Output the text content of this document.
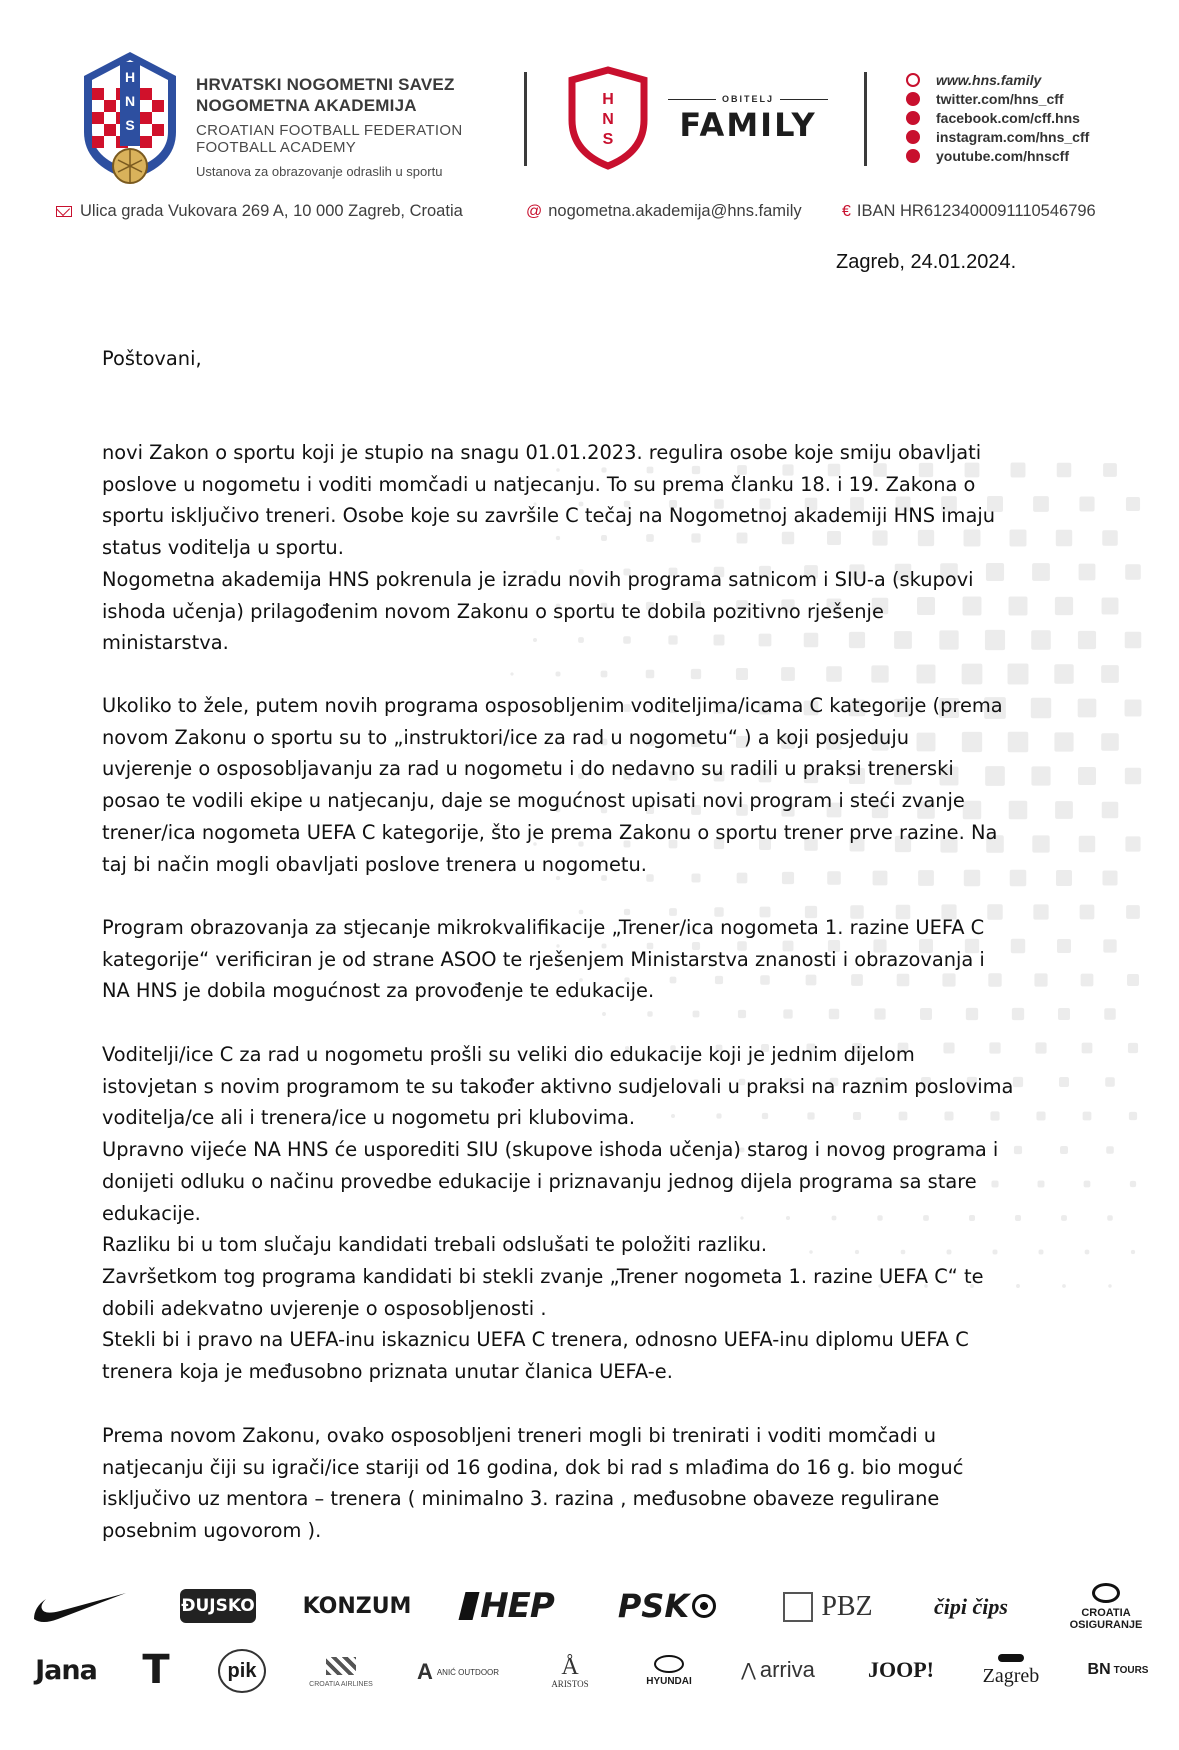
H
N
S
HRVATSKI NOGOMETNI SAVEZ
NOGOMETNA AKADEMIJA
CROATIAN FOOTBALL FEDERATION
FOOTBALL ACADEMY
Ustanova za obrazovanje odraslih u sportu
H
N
S
OBITELJ
FAMILY
www.hns.family
twitter.com/hns_cff
facebook.com/cff.hns
instagram.com/hns_cff
youtube.com/hnscff
Ulica grada Vukovara 269 A, 10 000 Zagreb, Croatia	@ nogometna.akademija@hns.family	€ IBAN HR6123400091110546796
Zagreb, 24.01.2024.

Poštovani,

novi Zakon o sportu koji je stupio na snagu 01.01.2023. regulira osobe koje smiju obavljati
poslove u nogometu i voditi momčadi u natjecanju. To su prema članku 18. i 19. Zakona o
sportu isključivo treneri. Osobe koje su završile C tečaj na Nogometnoj akademiji HNS imaju
status voditelja u sportu.
Nogometna akademija HNS pokrenula je izradu novih programa satnicom i SIU-a (skupovi
ishoda učenja) prilagođenim novom Zakonu o sportu te dobila pozitivno rješenje
ministarstva.

Ukoliko to žele, putem novih programa osposobljenim voditeljima/icama C kategorije (prema
novom Zakonu o sportu su to „instruktori/ice za rad u nogometu“ ) a koji posjeduju
uvjerenje o osposobljavanju za rad u nogometu i do nedavno su radili u praksi trenerski
posao te vodili ekipe u natjecanju, daje se mogućnost upisati novi program i steći zvanje
trener/ica nogometa UEFA C kategorije, što je prema Zakonu o sportu trener prve razine. Na
taj bi način mogli obavljati poslove trenera u nogometu.

Program obrazovanja za stjecanje mikrokvalifikacije „Trener/ica nogometa 1. razine UEFA C
kategorije“ verificiran je od strane ASOO te rješenjem Ministarstva znanosti i obrazovanja i
NA HNS je dobila mogućnost za provođenje te edukacije.

Voditelji/ice C za rad u nogometu prošli su veliki dio edukacije koji je jednim dijelom
istovjetan s novim programom te su također aktivno sudjelovali u praksi na raznim poslovima
voditelja/ce ali i trenera/ice u nogometu pri klubovima.
Upravno vijeće NA HNS će usporediti SIU (skupove ishoda učenja) starog i novog programa i
donijeti odluku o načinu provedbe edukacije i priznavanju jednog dijela programa sa stare
edukacije.
Razliku bi u tom slučaju kandidati trebali odslušati te položiti razliku.
Završetkom tog programa kandidati bi stekli zvanje „Trener nogometa 1. razine UEFA C“ te
dobili adekvatno uvjerenje o osposobljenosti .
Stekli bi i pravo na UEFA-inu iskaznicu UEFA C trenera, odnosno UEFA-inu diplomu UEFA C
trenera koja je međusobno priznata unutar članica UEFA-e.

Prema novom Zakonu, ovako osposobljeni treneri mogli bi trenirati i voditi momčadi u
natjecanju čiji su igrači/ice stariji od 16 godina, dok bi rad s mlađima do 16 g. bio moguć
isključivo uz mentora – trenera ( minimalno 3. razina , međusobne obaveze regulirane
posebnim ugovorom ).

ĐUJSKO KONZUM HEP PSK	PBZ	čipi čips	CROATIA OSIGURANJE
Jana T	pik
CROATIA AIRLINES A ANIĆ OUTDOOR	Å
ARISTOS	HYUNDAI
⋀ arriva JOOP!	Zagreb	BN TOURS
